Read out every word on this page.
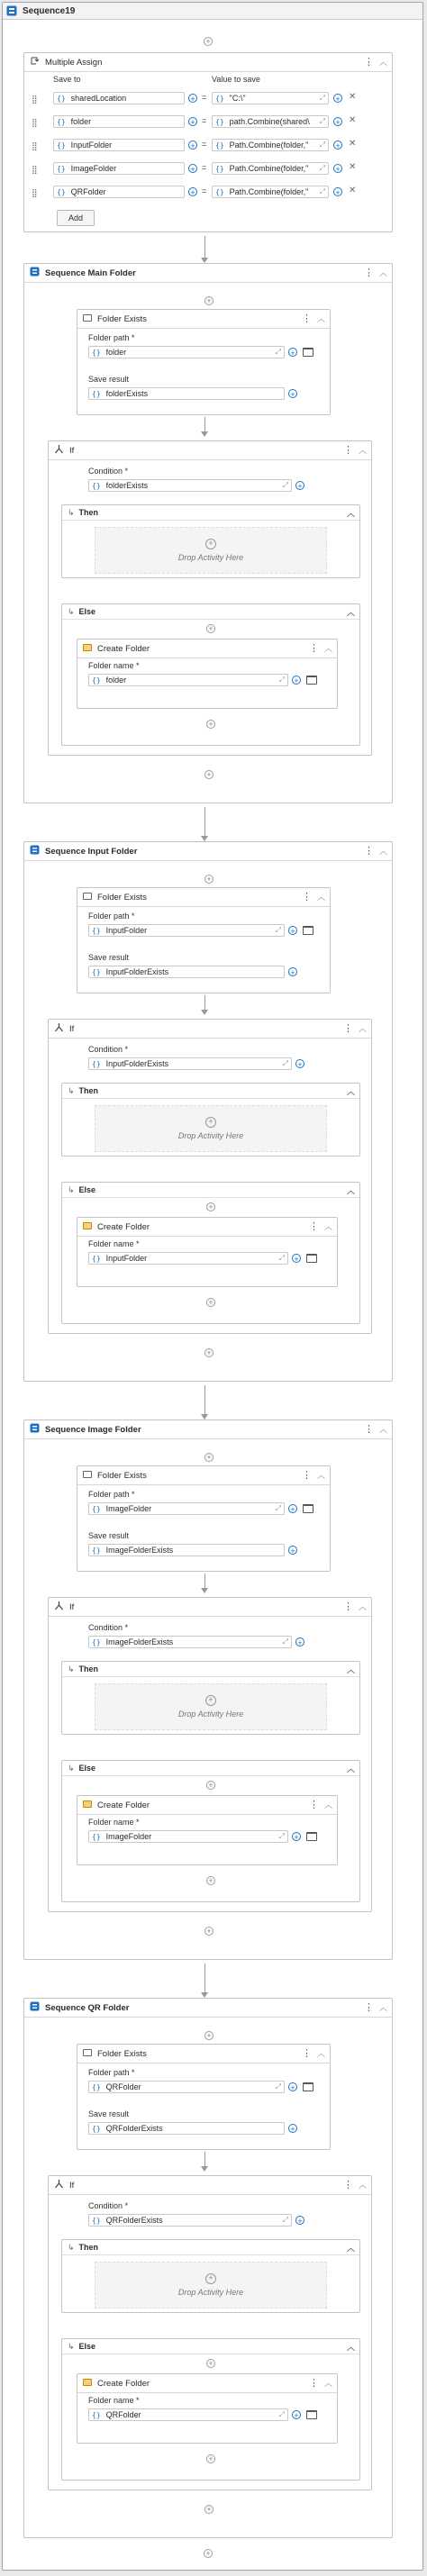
Sequence19
+
Multiple Assign	⋮ ︿
Save to	Value to save
⣿	{} sharedLocation	+ = {} "C:\"	⤢ + ✕
⣿	{} folder	+ = {} path.Combine(shared\ ⤢ + ✕
⣿	{} InputFolder	+ = {} Path.Combine(folder," ⤢ + ✕
⣿	{} ImageFolder	+ = {} Path.Combine(folder," ⤢ + ✕
⣿	{} QRFolder	+ = {} Path.Combine(folder," ⤢ + ✕
Add
Sequence Main Folder	⋮ ︿
+
Folder Exists	⋮ ︿
Folder path *
{} folder	⤢ +
Save result
{} folderExists	+
If	⋮ ︿
Condition *
{} folderExists	⤢ +
↳ Then	︿
+
Drop Activity Here
↳ Else	︿
+
Create Folder	⋮ ︿
Folder name *
{} folder	⤢ +
+
+
Sequence Input Folder	⋮ ︿
+
Folder Exists	⋮ ︿
Folder path *
{} InputFolder	⤢ +
Save result
{} InputFolderExists	+
If	⋮ ︿
Condition *
{} InputFolderExists	⤢ +
↳ Then	︿
+
Drop Activity Here
↳ Else	︿
+
Create Folder	⋮ ︿
Folder name *
{} InputFolder	⤢ +
+
+
Sequence Image Folder	⋮ ︿
+
Folder Exists	⋮ ︿
Folder path *
{} ImageFolder	⤢ +
Save result
{} ImageFolderExists	+
If	⋮ ︿
Condition *
{} ImageFolderExists	⤢ +
↳ Then	︿
+
Drop Activity Here
↳ Else	︿
+
Create Folder	⋮ ︿
Folder name *
{} ImageFolder	⤢ +
+
+
Sequence QR Folder	⋮ ︿
+
Folder Exists	⋮ ︿
Folder path *
{} QRFolder	⤢ +
Save result
{} QRFolderExists	+
If	⋮ ︿
Condition *
{} QRFolderExists	⤢ +
↳ Then	︿
+
Drop Activity Here
↳ Else	︿
+
Create Folder	⋮ ︿
Folder name *
{} QRFolder	⤢ +
+
+
+
